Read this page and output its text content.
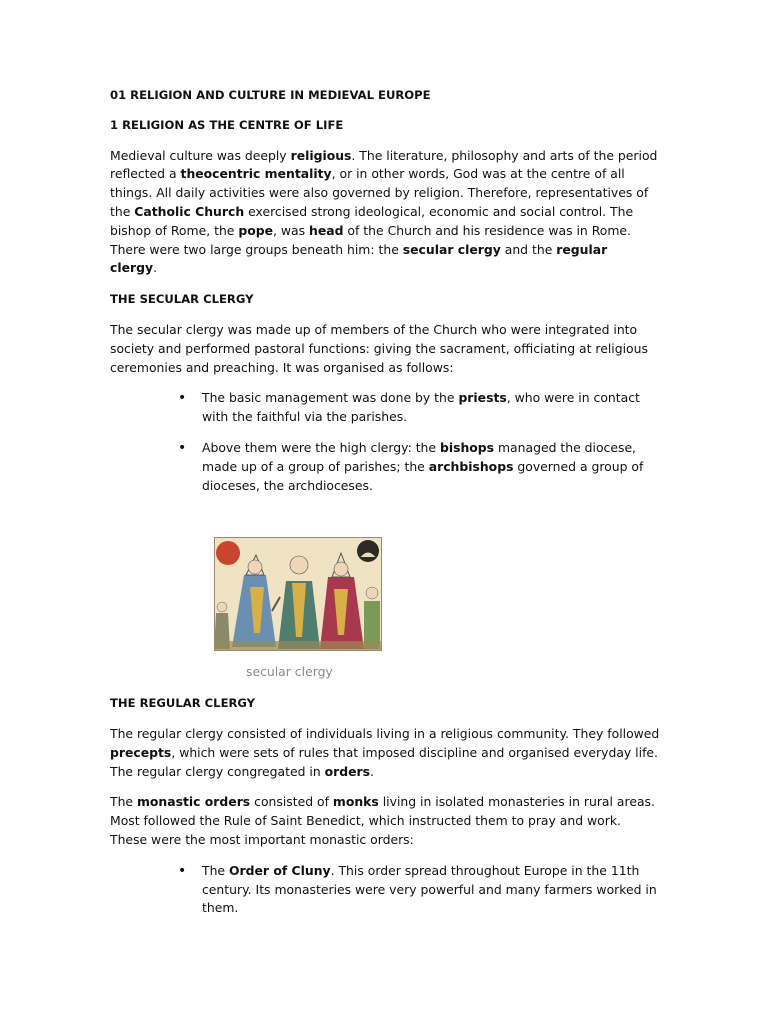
01 RELIGION AND CULTURE IN MEDIEVAL EUROPE

1 RELIGION AS THE CENTRE OF LIFE

Medieval culture was deeply religious. The literature, philosophy and arts of the period reflected a theocentric mentality, or in other words, God was at the centre of all things. All daily activities were also governed by religion. Therefore, representatives of the Catholic Church exercised strong ideological, economic and social control. The bishop of Rome, the pope, was head of the Church and his residence was in Rome. There were two large groups beneath him: the secular clergy and the regular clergy.

THE SECULAR CLERGY

The secular clergy was made up of members of the Church who were integrated into society and performed pastoral functions: giving the sacrament, officiating at religious ceremonies and preaching. It was organised as follows:

• The basic management was done by the priests, who were in contact with the faithful via the parishes.
• Above them were the high clergy: the bishops managed the diocese, made up of a group of parishes; the archbishops governed a group of dioceses, the archdioceses.
secular clergy

THE REGULAR CLERGY

The regular clergy consisted of individuals living in a religious community. They followed precepts, which were sets of rules that imposed discipline and organised everyday life. The regular clergy congregated in orders.

The monastic orders consisted of monks living in isolated monasteries in rural areas. Most followed the Rule of Saint Benedict, which instructed them to pray and work. These were the most important monastic orders:

• The Order of Cluny. This order spread throughout Europe in the 11th century. Its monasteries were very powerful and many farmers worked in them.
